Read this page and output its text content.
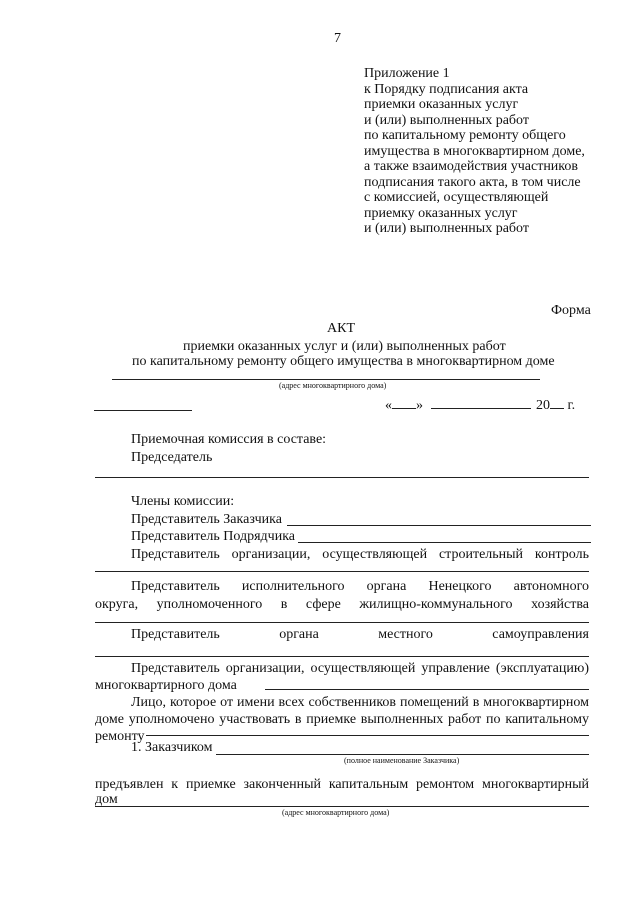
7
Приложение 1
к Порядку подписания акта
приемки оказанных услуг
и (или) выполненных работ
по капитальному ремонту общего
имущества в многоквартирном доме,
а также взаимодействия участников
подписания такого акта, в том числе
с комиссией, осуществляющей
приемку оказанных услуг
и (или) выполненных работ
Форма
АКТ
приемки оказанных услуг и (или) выполненных работ
по капитальному ремонту общего имущества в многоквартирном доме
(адрес многоквартирного дома)
« »	20 г.
Приемочная комиссия в составе:
Председатель
Члены комиссии:
Представитель Заказчика
Представитель Подрядчика
Представитель организации, осуществляющей строительный контроль
Представитель исполнительного органа Ненецкого автономного
округа, уполномоченного в сфере жилищно-коммунального хозяйства
Представитель органа местного самоуправления
Представитель организации, осуществляющей управление (эксплуатацию)
многоквартирного дома
Лицо, которое от имени всех собственников помещений в многоквартирном
доме уполномочено участвовать в приемке выполненных работ по капитальному
ремонту
1. Заказчиком
(полное наименование Заказчика)
предъявлен к приемке законченный капитальным ремонтом многоквартирный дом
(адрес многоквартирного дома)
